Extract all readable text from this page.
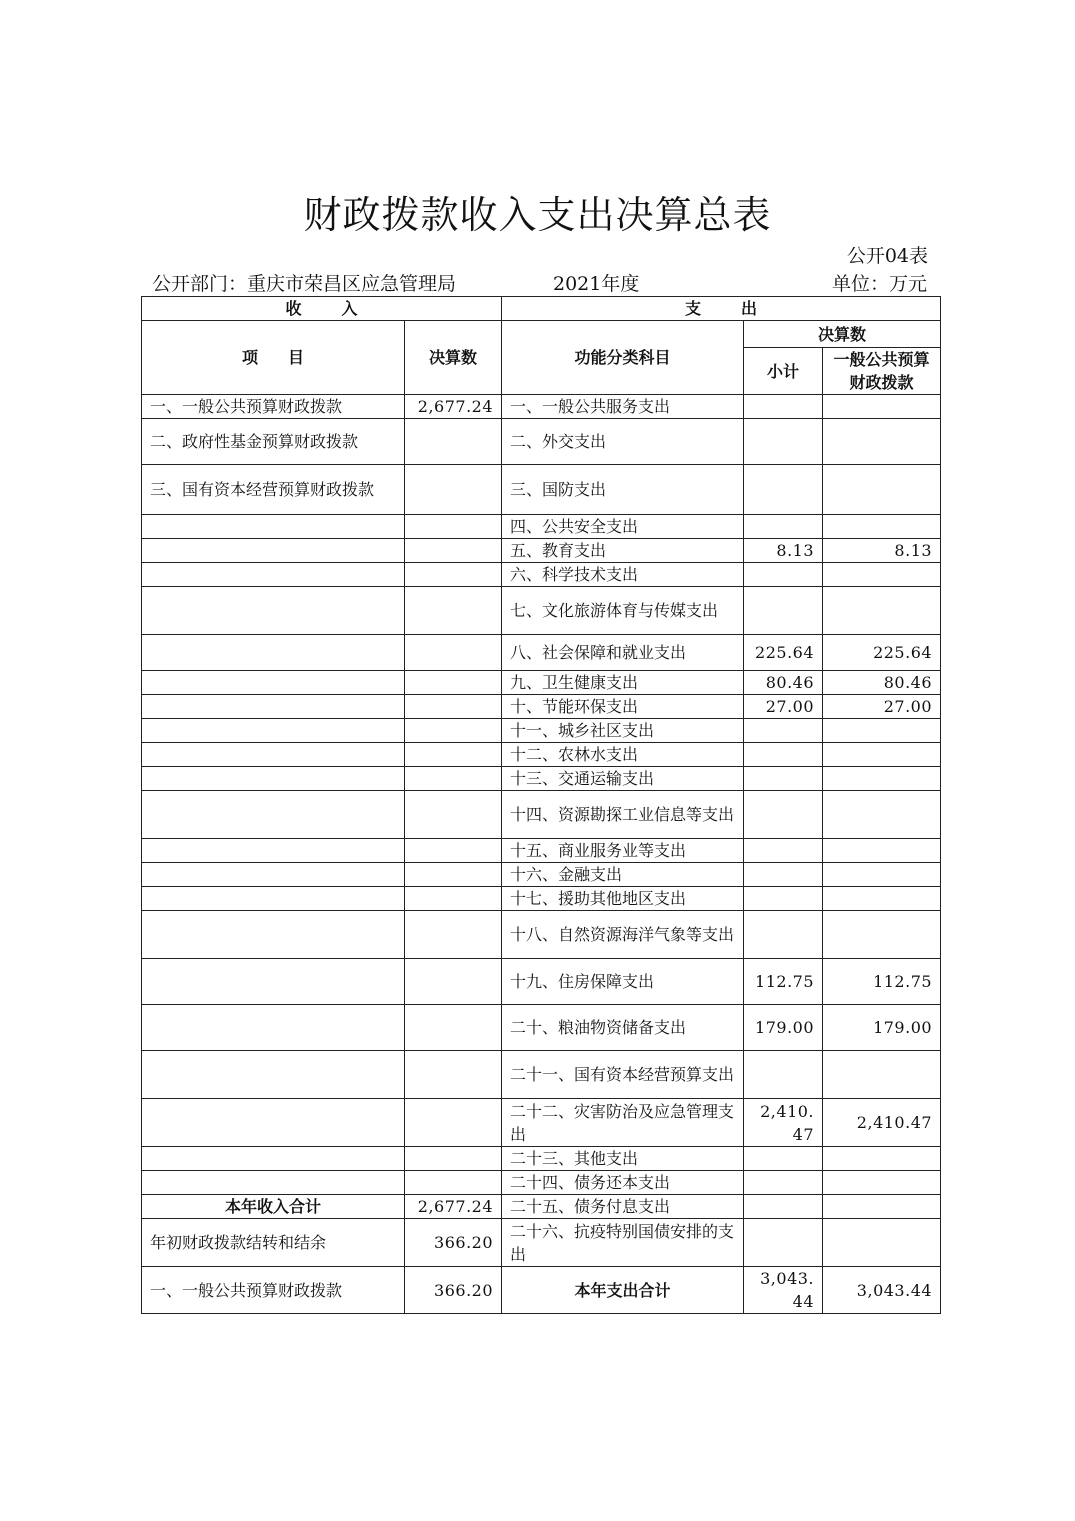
财政拨款收入支出决算总表
公开04表
公开部门：重庆市荣昌区应急管理局	2021年度	单位：万元
收入		支出		
项目	决算数	功能分类科目	决算数	
			小计	一般公共预算财政拨款
一、一般公共预算财政拨款	2,677.24	一、一般公共服务支出		
二、政府性基金预算财政拨款		二、外交支出		
三、国有资本经营预算财政拨款		三、国防支出		
		四、公共安全支出		
		五、教育支出	8.13	8.13
		六、科学技术支出		
		七、文化旅游体育与传媒支出		
		八、社会保障和就业支出	225.64	225.64
		九、卫生健康支出	80.46	80.46
		十、节能环保支出	27.00	27.00
		十一、城乡社区支出		
		十二、农林水支出		
		十三、交通运输支出		
		十四、资源勘探工业信息等支出		
		十五、商业服务业等支出		
		十六、金融支出		
		十七、援助其他地区支出		
		十八、自然资源海洋气象等支出		
		十九、住房保障支出	112.75	112.75
		二十、粮油物资储备支出	179.00	179.00
		二十一、国有资本经营预算支出		
		二十二、灾害防治及应急管理支出	2,410.47	2,410.47
		二十三、其他支出		
		二十四、债务还本支出		
本年收入合计	2,677.24	二十五、债务付息支出		
年初财政拨款结转和结余	366.20	二十六、抗疫特别国债安排的支出		
一、一般公共预算财政拨款	366.20	本年支出合计	3,043.44	3,043.44
